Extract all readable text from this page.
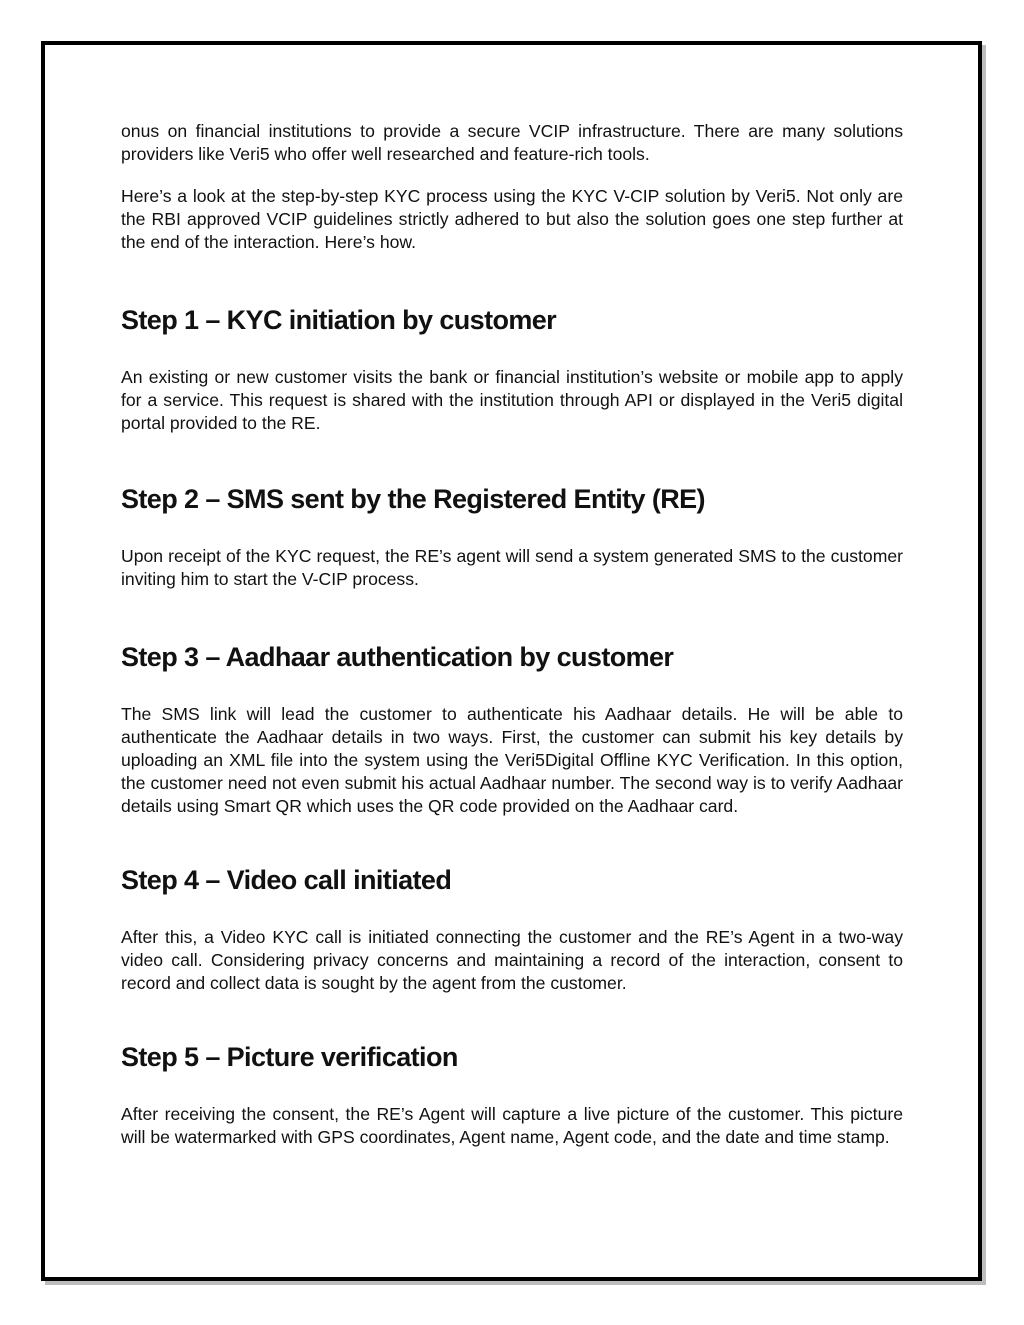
onus on financial institutions to provide a secure VCIP infrastructure. There are many solutions providers like Veri5 who offer well researched and feature-rich tools.

Here’s a look at the step-by-step KYC process using the KYC V-CIP solution by Veri5. Not only are the RBI approved VCIP guidelines strictly adhered to but also the solution goes one step further at the end of the interaction. Here’s how.

Step 1 – KYC initiation by customer

An existing or new customer visits the bank or financial institution’s website or mobile app to apply for a service. This request is shared with the institution through API or displayed in the Veri5 digital portal provided to the RE.

Step 2 – SMS sent by the Registered Entity (RE)

Upon receipt of the KYC request, the RE’s agent will send a system generated SMS to the customer inviting him to start the V-CIP process.

Step 3 – Aadhaar authentication by customer

The SMS link will lead the customer to authenticate his Aadhaar details. He will be able to authenticate the Aadhaar details in two ways. First, the customer can submit his key details by uploading an XML file into the system using the Veri5Digital Offline KYC Verification. In this option, the customer need not even submit his actual Aadhaar number. The second way is to verify Aadhaar details using Smart QR which uses the QR code provided on the Aadhaar card.

Step 4 – Video call initiated

After this, a Video KYC call is initiated connecting the customer and the RE’s Agent in a two-way video call. Considering privacy concerns and maintaining a record of the interaction, consent to record and collect data is sought by the agent from the customer.

Step 5 – Picture verification

After receiving the consent, the RE’s Agent will capture a live picture of the customer. This picture will be watermarked with GPS coordinates, Agent name, Agent code, and the date and time stamp.
